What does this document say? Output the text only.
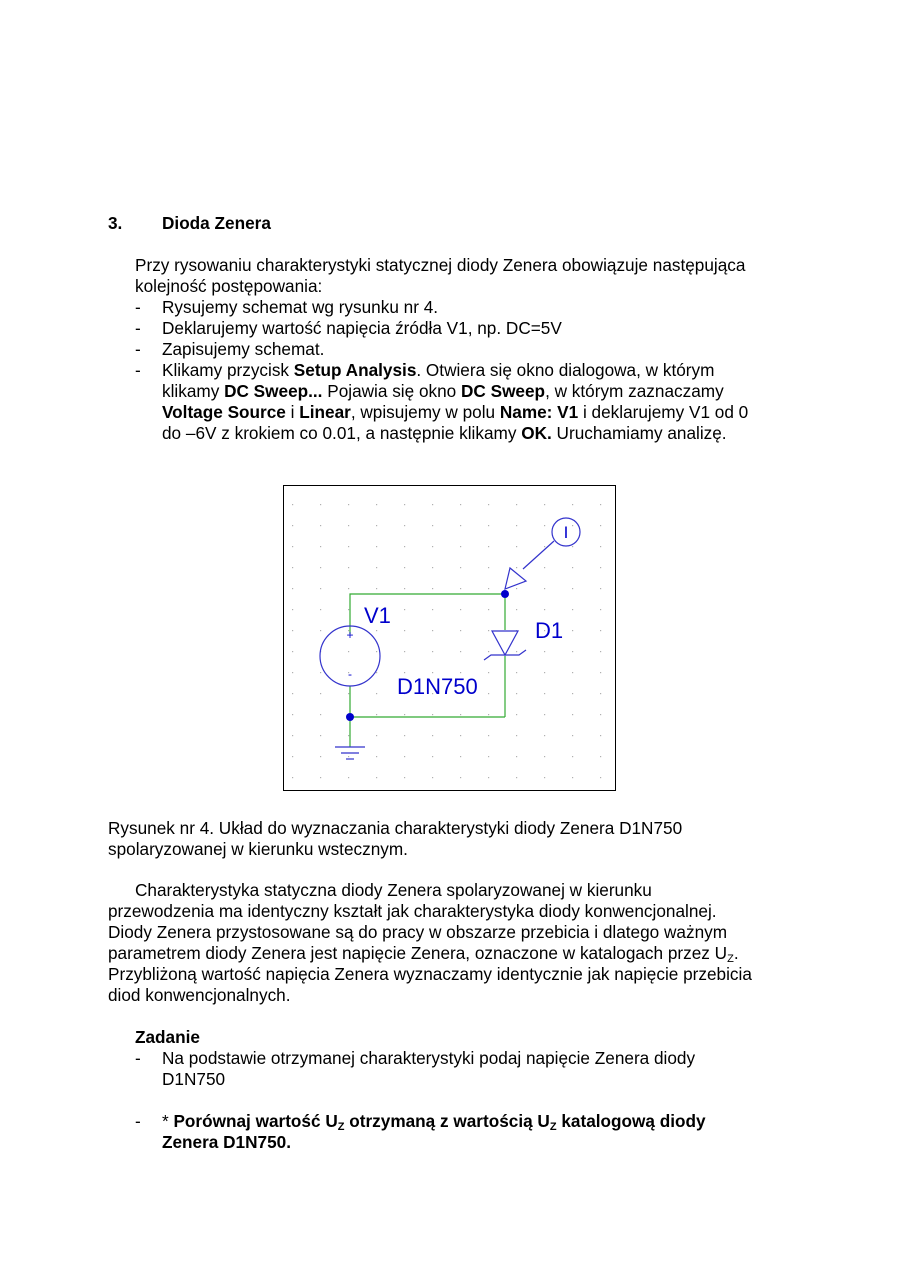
3. Dioda Zenera
Przy rysowaniu charakterystyki statycznej diody Zenera obowiązuje następująca
kolejność postępowania:
- Rysujemy schemat wg rysunku nr 4.
- Deklarujemy wartość napięcia źródła V1, np. DC=5V
- Zapisujemy schemat.
- Klikamy przycisk Setup Analysis. Otwiera się okno dialogowa, w którym
klikamy DC Sweep... Pojawia się okno DC Sweep, w którym zaznaczamy
Voltage Source i Linear, wpisujemy w polu Name: V1 i deklarujemy V1 od 0
do –6V z krokiem co 0.01, a następnie klikamy OK. Uruchamiamy analizę.
I
V1
+
-
D1
D1N750
Rysunek nr 4. Układ do wyznaczania charakterystyki diody Zenera D1N750
spolaryzowanej w kierunku wstecznym.
Charakterystyka statyczna diody Zenera spolaryzowanej w kierunku
przewodzenia ma identyczny kształt jak charakterystyka diody konwencjonalnej.
Diody Zenera przystosowane są do pracy w obszarze przebicia i dlatego ważnym
parametrem diody Zenera jest napięcie Zenera, oznaczone w katalogach przez $U_Z$.
Przybliżoną wartość napięcia Zenera wyznaczamy identycznie jak napięcie przebicia
diod konwencjonalnych.
Zadanie
- Na podstawie otrzymanej charakterystyki podaj napięcie Zenera diody
D1N750
- * Porównaj wartość $U_Z$ otrzymaną z wartością $U_Z$ katalogową diody
Zenera D1N750.
